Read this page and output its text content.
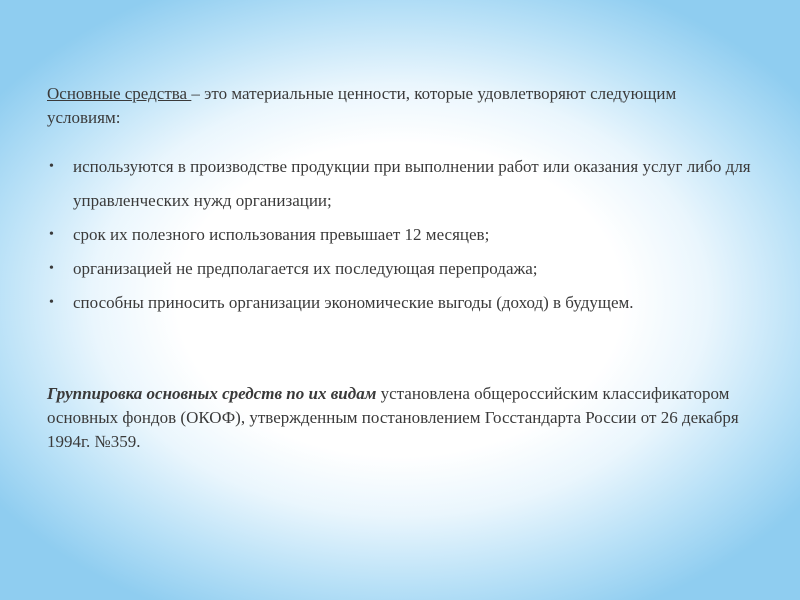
Основные средства – это материальные ценности, которые удовлетворяют следующим условиям:

• используются в производстве продукции при выполнении работ или оказания услуг либо для управленческих нужд организации;
• срок их полезного использования превышает 12 месяцев;
• организацией не предполагается их последующая перепродажа;
• способны приносить организации экономические выгоды (доход) в будущем.

Группировка основных средств по их видам установлена общероссийским классификатором основных фондов (ОКОФ), утвержденным постановлением Госстандарта России от 26 декабря 1994г. №359.
